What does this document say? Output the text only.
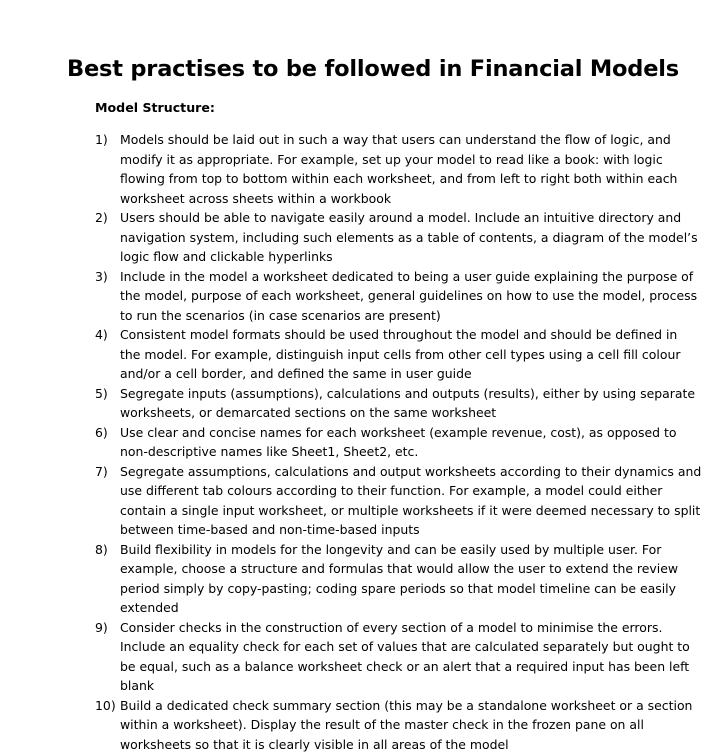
Best practises to be followed in Financial Models
Model Structure:
1) Models should be laid out in such a way that users can understand the flow of logic, and
modify it as appropriate. For example, set up your model to read like a book: with logic
flowing from top to bottom within each worksheet, and from left to right both within each
worksheet across sheets within a workbook
2) Users should be able to navigate easily around a model. Include an intuitive directory and
navigation system, including such elements as a table of contents, a diagram of the model’s
logic flow and clickable hyperlinks
3) Include in the model a worksheet dedicated to being a user guide explaining the purpose of
the model, purpose of each worksheet, general guidelines on how to use the model, process
to run the scenarios (in case scenarios are present)
4) Consistent model formats should be used throughout the model and should be defined in
the model. For example, distinguish input cells from other cell types using a cell fill colour
and/or a cell border, and defined the same in user guide
5) Segregate inputs (assumptions), calculations and outputs (results), either by using separate
worksheets, or demarcated sections on the same worksheet
6) Use clear and concise names for each worksheet (example revenue, cost), as opposed to
non-descriptive names like Sheet1, Sheet2, etc.
7) Segregate assumptions, calculations and output worksheets according to their dynamics and
use different tab colours according to their function. For example, a model could either
contain a single input worksheet, or multiple worksheets if it were deemed necessary to split
between time-based and non-time-based inputs
8) Build flexibility in models for the longevity and can be easily used by multiple user. For
example, choose a structure and formulas that would allow the user to extend the review
period simply by copy-pasting; coding spare periods so that model timeline can be easily
extended
9) Consider checks in the construction of every section of a model to minimise the errors.
Include an equality check for each set of values that are calculated separately but ought to
be equal, such as a balance worksheet check or an alert that a required input has been left
blank
10) Build a dedicated check summary section (this may be a standalone worksheet or a section
within a worksheet). Display the result of the master check in the frozen pane on all
worksheets so that it is clearly visible in all areas of the model
